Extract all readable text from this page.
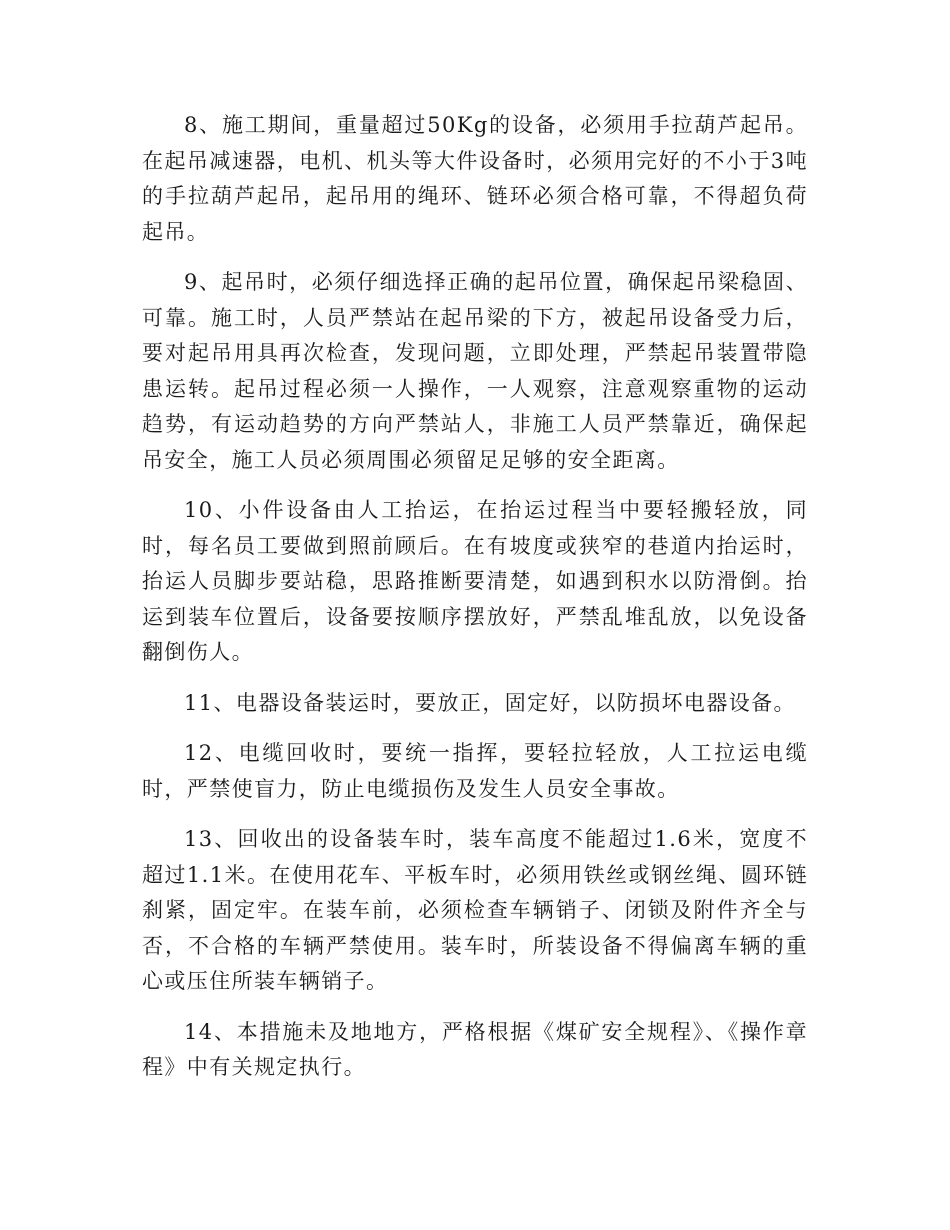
8、施工期间，重量超过50Kg的设备，必须用手拉葫芦起吊。在起吊减速器，电机、机头等大件设备时，必须用完好的不小于3吨的手拉葫芦起吊，起吊用的绳环、链环必须合格可靠，不得超负荷起吊。

9、起吊时，必须仔细选择正确的起吊位置，确保起吊梁稳固、可靠。施工时，人员严禁站在起吊梁的下方，被起吊设备受力后，要对起吊用具再次检查，发现问题，立即处理，严禁起吊装置带隐患运转。起吊过程必须一人操作，一人观察，注意观察重物的运动趋势，有运动趋势的方向严禁站人，非施工人员严禁靠近，确保起吊安全，施工人员必须周围必须留足足够的安全距离。

10、小件设备由人工抬运，在抬运过程当中要轻搬轻放，同时，每名员工要做到照前顾后。在有坡度或狭窄的巷道内抬运时，抬运人员脚步要站稳，思路推断要清楚，如遇到积水以防滑倒。抬运到装车位置后，设备要按顺序摆放好，严禁乱堆乱放，以免设备翻倒伤人。

11、电器设备装运时，要放正，固定好，以防损坏电器设备。

12、电缆回收时，要统一指挥，要轻拉轻放，人工拉运电缆时，严禁使盲力，防止电缆损伤及发生人员安全事故。

13、回收出的设备装车时，装车高度不能超过1.6米，宽度不超过1.1米。在使用花车、平板车时，必须用铁丝或钢丝绳、圆环链刹紧，固定牢。在装车前，必须检查车辆销子、闭锁及附件齐全与否，不合格的车辆严禁使用。装车时，所装设备不得偏离车辆的重心或压住所装车辆销子。

14、本措施未及地地方，严格根据《煤矿安全规程》、《操作章程》中有关规定执行。
